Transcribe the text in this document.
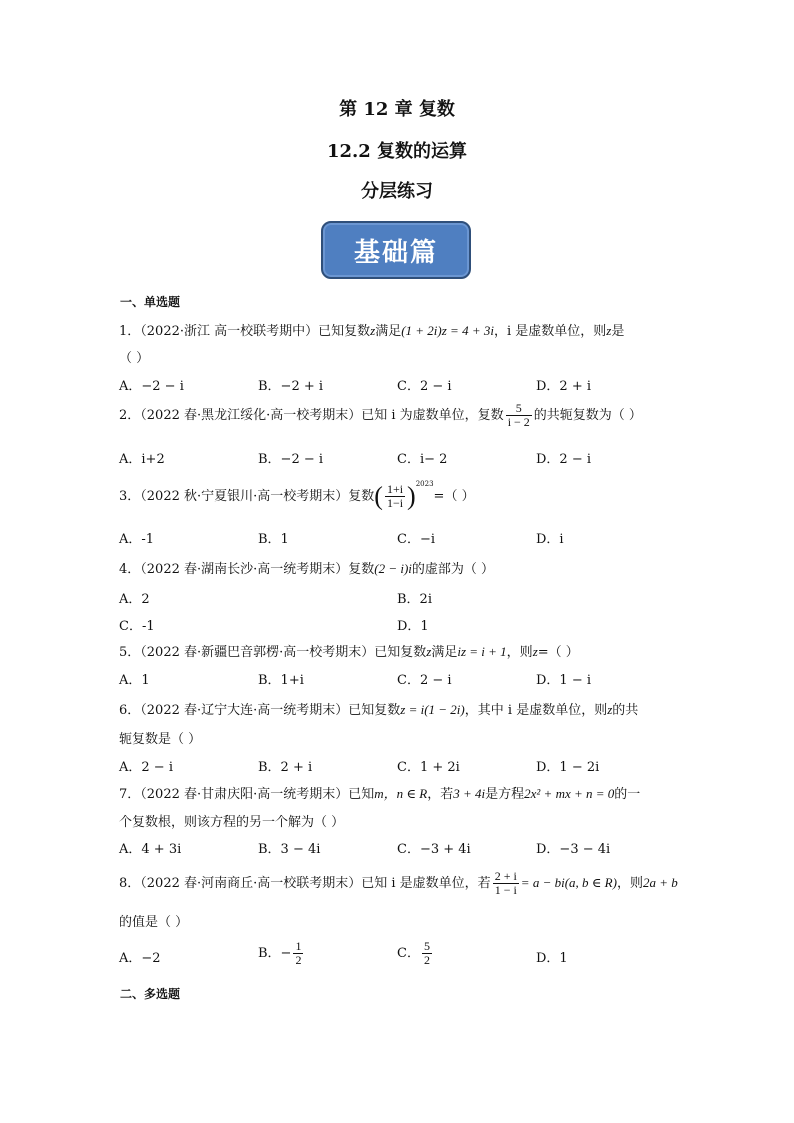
第 12 章 复数
12.2 复数的运算
分层练习
基础篇
一、单选题
1．（2022·浙江 高一校联考期中）已知复数z满足(1 + 2i)z = 4 + 3i，i 是虚数单位，则z是
（ ）
A．−2 − i	B．−2 + i	C．2 − i	D．2 + i
2．（2022 春·黑龙江绥化·高一校考期末）已知 i 为虚数单位，复数 $\frac{5}{i - 2}$ 的共轭复数为（ ）
A．i+2	B．−2 − i	C．i− 2	D．2 − i
3．（2022 秋·宁夏银川·高一校考期末）复数( $\frac{1+i}{1-i} )^{2023}=$（ ）
A．-1	B．1	C．−i	D．i
4．（2022 春·湖南长沙·高一统考期末）复数(2 − i)i的虚部为（ ）
A．2	B．2i
C．-1	D．1
5．（2022 春·新疆巴音郭楞·高一校考期末）已知复数z满足iz = i + 1，则z=（ ）
A．1	B．1+i	C．2 − i	D．1 − i
6．（2022 春·辽宁大连·高一统考期末）已知复数z = i(1 − 2i)，其中 i 是虚数单位，则z的共
轭复数是（ ）
A．2 − i	B．2 + i	C．1 + 2i	D．1 − 2i
7．（2022 春·甘肃庆阳·高一统考期末）已知m，n ∈ R，若3 + 4i是方程2x² + mx + n = 0的一
个复数根，则该方程的另一个解为（ ）
A．4 + 3i	B．3 − 4i	C．−3 + 4i	D．−3 − 4i
8．（2022 春·河南商丘·高一校联考期末）已知 i 是虚数单位，若 $\frac{2 + i}{1 - i} = a - bi(a$, b ∈ R)，则2a + b
的值是（ ）
A．−2	B．− $\frac{1}{2}$	C． $\frac{5}{2}$	D．1
二、多选题
